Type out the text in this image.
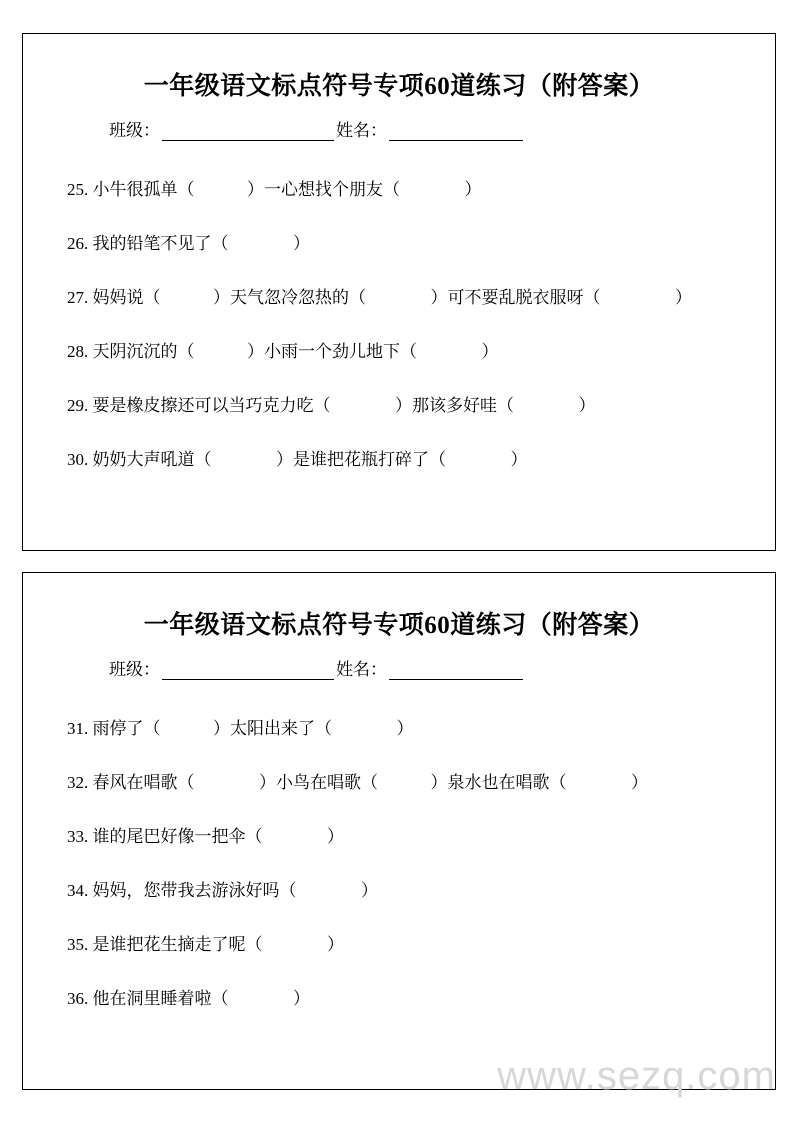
一年级语文标点符号专项60道练习（附答案）
班级：	姓名：
25. 小牛很孤单（	）一心想找个朋友（	）
26. 我的铅笔不见了（	）
27. 妈妈说（	）天气忽冷忽热的（	）可不要乱脱衣服呀（	）
28. 天阴沉沉的（	）小雨一个劲儿地下（	）
29. 要是橡皮擦还可以当巧克力吃（	）那该多好哇（	）
30. 奶奶大声吼道（	）是谁把花瓶打碎了（	）
一年级语文标点符号专项60道练习（附答案）
班级：	姓名：
31. 雨停了（	）太阳出来了（	）
32. 春风在唱歌（	）小鸟在唱歌（	）泉水也在唱歌（	）
33. 谁的尾巴好像一把伞（	）
34. 妈妈，您带我去游泳好吗（	）
35. 是谁把花生摘走了呢（	）
36. 他在洞里睡着啦（	）
www.sezq.com
